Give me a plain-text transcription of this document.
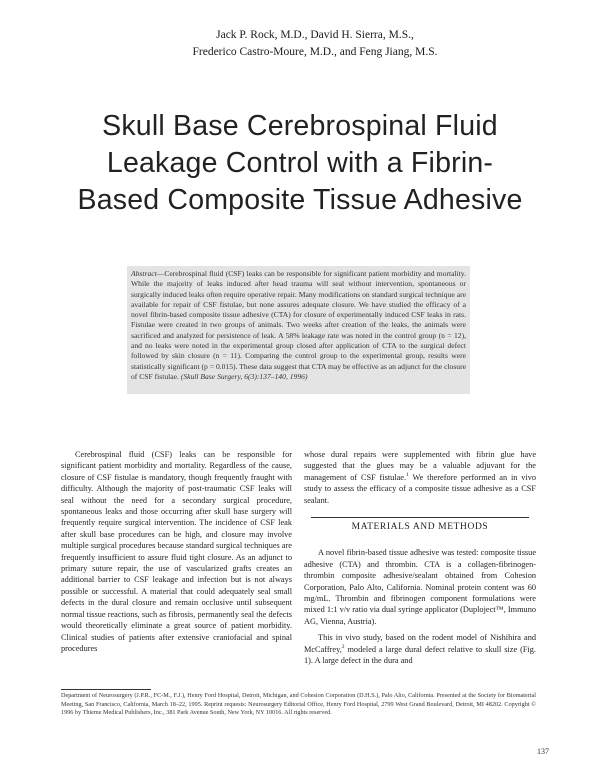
Jack P. Rock, M.D., David H. Sierra, M.S.,
Frederico Castro-Moure, M.D., and Feng Jiang, M.S.
Skull Base Cerebrospinal Fluid
Leakage Control with a Fibrin-
Based Composite Tissue Adhesive
Abstract—Cerebrospinal fluid (CSF) leaks can be responsible for significant patient morbidity and mortality. While the majority of leaks induced after head trauma will seal without intervention, spontaneous or surgically induced leaks often require operative repair. Many modifications on standard surgical technique are available for repair of CSF fistulae, but none assures adequate closure. We have studied the efficacy of a novel fibrin-based composite tissue adhesive (CTA) for closure of experimentally induced CSF leaks in rats. Fistulae were created in two groups of animals. Two weeks after creation of the leaks, the animals were sacrificed and analyzed for persistence of leak. A 58% leakage rate was noted in the control group (n = 12), and no leaks were noted in the experimental group closed after application of CTA to the surgical defect followed by skin closure (n = 11). Comparing the control group to the experimental group, results were statistically significant (p = 0.015). These data suggest that CTA may be effective as an adjunct for the closure of CSF fistulae. (Skull Base Surgery, 6(3):137–140, 1996)

Cerebrospinal fluid (CSF) leaks can be responsible for significant patient morbidity and mortality. Regardless of the cause, closure of CSF fistulae is mandatory, though frequently fraught with difficulty. Although the majority of post-traumatic CSF leaks will seal without the need for a secondary surgical procedure, spontaneous leaks and those occurring after skull base surgery will frequently require surgical intervention. The incidence of CSF leak after skull base procedures can be high, and closure may involve multiple surgical procedures because standard surgical techniques are frequently insufficient to assure fluid tight closure. As an adjunct to primary suture repair, the use of vascularized grafts creates an additional barrier to CSF leakage and infection but is not always possible or successful. A material that could adequately seal small defects in the dural closure and remain occlusive until subsequent normal tissue reactions, such as fibrosis, permanently seal the defects would theoretically eliminate a great source of patient morbidity. Clinical studies of patients after extensive craniofacial and spinal procedures

whose dural repairs were supplemented with fibrin glue have suggested that the glues may be a valuable adjuvant for the management of CSF fistulae.$^1$ We therefore performed an in vivo study to assess the efficacy of a composite tissue adhesive as a CSF sealant.

MATERIALS AND METHODS

A novel fibrin-based tissue adhesive was tested: composite tissue adhesive (CTA) and thrombin. CTA is a collagen-fibrinogen-thrombin composite adhesive/sealant obtained from Cohesion Corporation, Palo Alto, California. Nominal protein content was 60 mg/mL. Thrombin and fibrinogen component formulations were mixed 1:1 v/v ratio via dual syringe applicator (Duploject™, Immuno AG, Vienna, Austria).

This in vivo study, based on the rodent model of Nishihira and McCaffrey,$^2$ modeled a large dural defect relative to skull size (Fig. 1). A large defect in the dura and

Department of Neurosurgery (J.P.R., FC-M., F.J.), Henry Ford Hospital, Detroit, Michigan, and Cohesion Corporation (D.H.S.), Palo Alto, California. Presented at the Society for Biomaterial Meeting, San Francisco, California, March 18–22, 1995. Reprint requests: Neurosurgery Editorial Office, Henry Ford Hospital, 2799 West Grand Boulevard, Detroit, MI 48202. Copyright © 1996 by Thieme Medical Publishers, Inc., 381 Park Avenue South, New York, NY 10016. All rights reserved.
137
